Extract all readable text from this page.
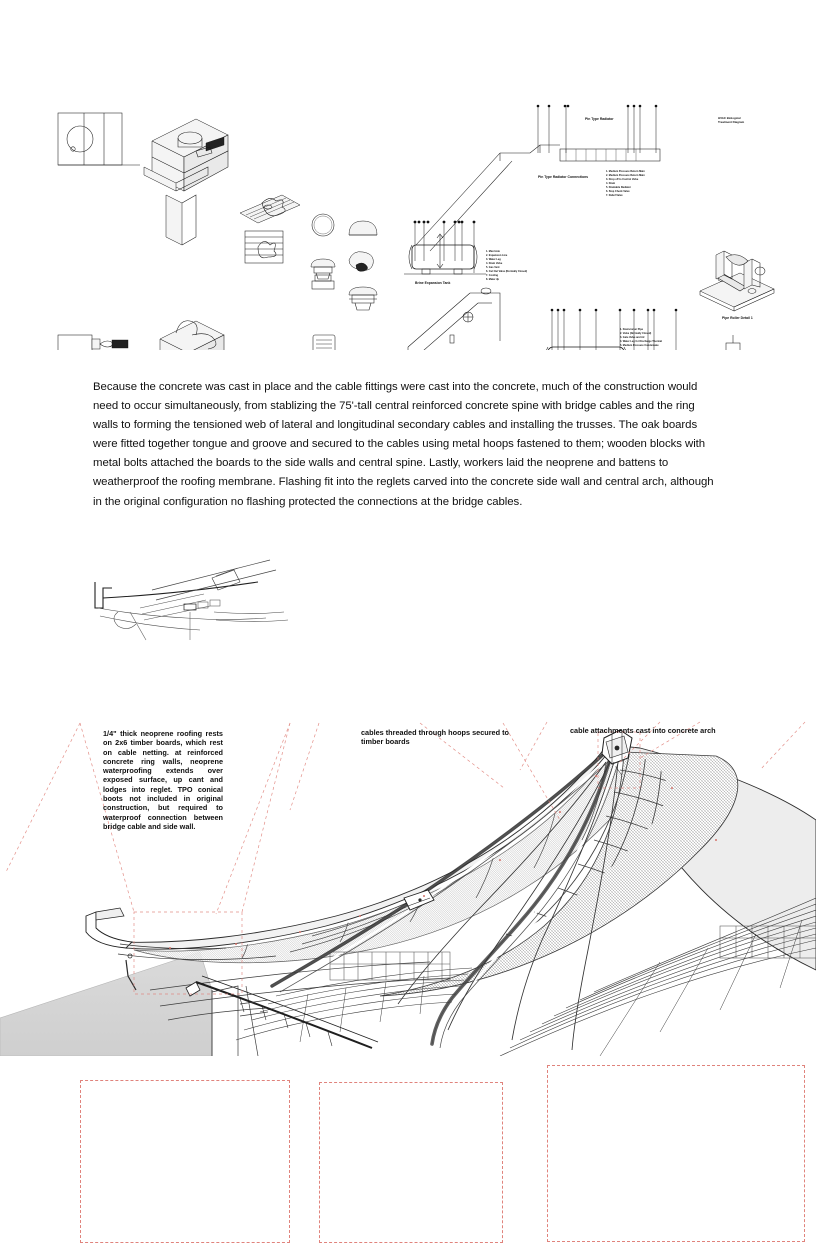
Brine Expansion Tank
1. Man Hole
2. Expansion Line
3. Water Leg
4. Drain Valve
5. Gas Vent
6. Cut Out Valve (Normally Closed)
7. Cooling
8. Make Up
Pin Type Radiator
Pin Type Radiator Connections
1. Medium Pressure Return Main
2. Medium Pressure Return Main
3. Drop off to Control Valve
4. Drain
5. Drainable Radiator
6. Stop Check Valve
7. Relief Valve
HVAC Biological
Treatment Diagram
1. Downcomer Pipe
2. Valve (Normally Closed)
3. Gate Valve and Air
4. Water Leg for Discharge Thermal
5. Medium Pressure Condensate
Pipe Roller Detail 1
Because the concrete was cast in place and the cable fittings were cast into the concrete, much of the construction would need to occur simultaneously, from stablizing the 75'-tall central reinforced concrete spine with bridge cables and the ring walls to forming the tensioned web of lateral and longitudinal secondary cables and installing the trusses. The oak boards were fitted together tongue and groove and secured to the cables using metal hoops fastened to them; wooden blocks with metal bolts attached the boards to the side walls and central spine. Lastly, workers laid the neoprene and battens to weatherproof the roofing membrane. Flashing fit into the reglets carved into the concrete side wall and central arch, although in the original configuration no flashing protected the connections at the bridge cables.
1/4" thick neoprene roofing rests on 2x6 timber boards, which rest on cable netting. at reinforced concrete ring walls, neoprene waterproofing extends over exposed surface, up cant and lodges into reglet. TPO conical boots not included in original construction, but required to waterproof connection between bridge cable and side wall.
cables threaded through hoops secured to timber boards
cable attachments cast into concrete arch
